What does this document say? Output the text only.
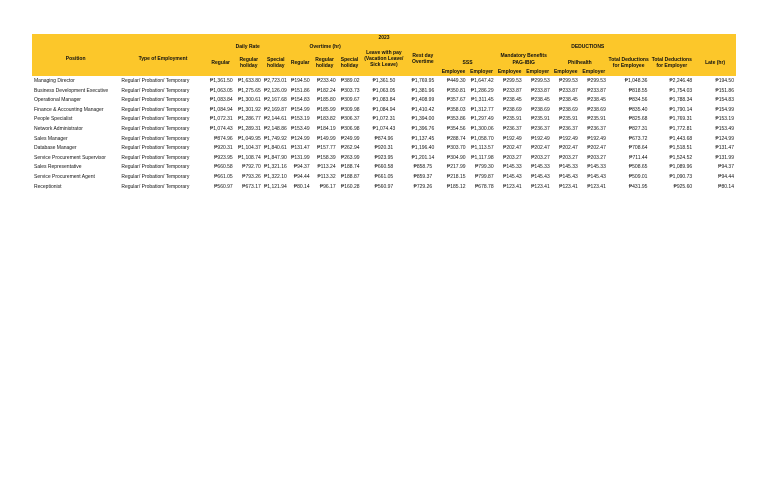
2023																		
Position	Type of Employment	Daily Rate			Overtime (hr)			Leave with pay (Vacation Leave/ Sick Leave)	Rest day Overtime	DEDUCTIONS								
		Regular	Regular holiday	Special holiday	Regular	Regular holiday	Special holiday			Mandatory Benefits						Total Deductions for Employee	Total Deductions for Employer	Late (hr)
										SSS		PAG-IBIG		Philhealth				
										Employee	Employer	Employee	Employer	Employee	Employer			
Managing Director	Regular/ Probation/ Temporary	₱1,361.50	₱1,633.80	₱2,723.01	₱194.50	₱233.40	₱389.02	₱1,361.50	₱1,769.95	₱449.30	₱1,647.42	₱299.53	₱299.53	₱299.53	₱299.53	₱1,048.36	₱2,246.48	₱194.50
Business Development Executive	Regular/ Probation/ Temporary	₱1,063.05	₱1,275.65	₱2,126.09	₱151.86	₱182.24	₱303.73	₱1,063.05	₱1,381.96	₱350.81	₱1,286.29	₱233.87	₱233.87	₱233.87	₱233.87	₱818.55	₱1,754.03	₱151.86
Operational Manager	Regular/ Probation/ Temporary	₱1,083.84	₱1,300.61	₱2,167.68	₱154.83	₱185.80	₱309.67	₱1,083.84	₱1,408.99	₱357.67	₱1,311.45	₱238.45	₱238.45	₱238.45	₱238.45	₱834.56	₱1,788.34	₱154.83
Finance & Accounting Manager	Regular/ Probation/ Temporary	₱1,084.94	₱1,301.92	₱2,169.87	₱154.99	₱185.99	₱309.98	₱1,084.94	₱1,410.42	₱358.03	₱1,312.77	₱238.69	₱238.69	₱238.69	₱238.69	₱835.40	₱1,790.14	₱154.99
People Specialist	Regular/ Probation/ Temporary	₱1,072.31	₱1,286.77	₱2,144.61	₱153.19	₱183.82	₱306.37	₱1,072.31	₱1,394.00	₱353.86	₱1,297.49	₱235.91	₱235.91	₱235.91	₱235.91	₱825.68	₱1,769.31	₱153.19
Network Administrator	Regular/ Probation/ Temporary	₱1,074.43	₱1,289.31	₱2,148.86	₱153.49	₱184.19	₱306.98	₱1,074.43	₱1,396.76	₱354.56	₱1,300.06	₱236.37	₱236.37	₱236.37	₱236.37	₱827.31	₱1,772.81	₱153.49
Sales Manager	Regular/ Probation/ Temporary	₱874.96	₱1,049.95	₱1,749.92	₱124.99	₱149.99	₱249.99	₱874.96	₱1,137.45	₱288.74	₱1,058.70	₱192.49	₱192.49	₱192.49	₱192.49	₱673.72	₱1,443.68	₱124.99
Database Manager	Regular/ Probation/ Temporary	₱920.31	₱1,104.37	₱1,840.61	₱131.47	₱157.77	₱262.94	₱920.31	₱1,196.40	₱303.70	₱1,113.57	₱202.47	₱202.47	₱202.47	₱202.47	₱708.64	₱1,518.51	₱131.47
Service Procurement Supervisor	Regular/ Probation/ Temporary	₱923.95	₱1,108.74	₱1,847.90	₱131.99	₱158.39	₱263.99	₱923.95	₱1,201.14	₱304.90	₱1,117.98	₱203.27	₱203.27	₱203.27	₱203.27	₱711.44	₱1,524.52	₱131.99
Sales Representative	Regular/ Probation/ Temporary	₱660.58	₱792.70	₱1,321.16	₱94.37	₱113.24	₱188.74	₱660.58	₱858.75	₱217.99	₱799.30	₱145.33	₱145.33	₱145.33	₱145.33	₱508.65	₱1,089.96	₱94.37
Service Procurement Agent	Regular/ Probation/ Temporary	₱661.05	₱793.26	₱1,322.10	₱94.44	₱113.32	₱188.87	₱661.05	₱859.37	₱218.15	₱799.87	₱145.43	₱145.43	₱145.43	₱145.43	₱509.01	₱1,090.73	₱94.44
Receptionist	Regular/ Probation/ Temporary	₱560.97	₱673.17	₱1,121.94	₱80.14	₱96.17	₱160.28	₱560.97	₱729.26	₱185.12	₱678.78	₱123.41	₱123.41	₱123.41	₱123.41	₱431.95	₱925.60	₱80.14
